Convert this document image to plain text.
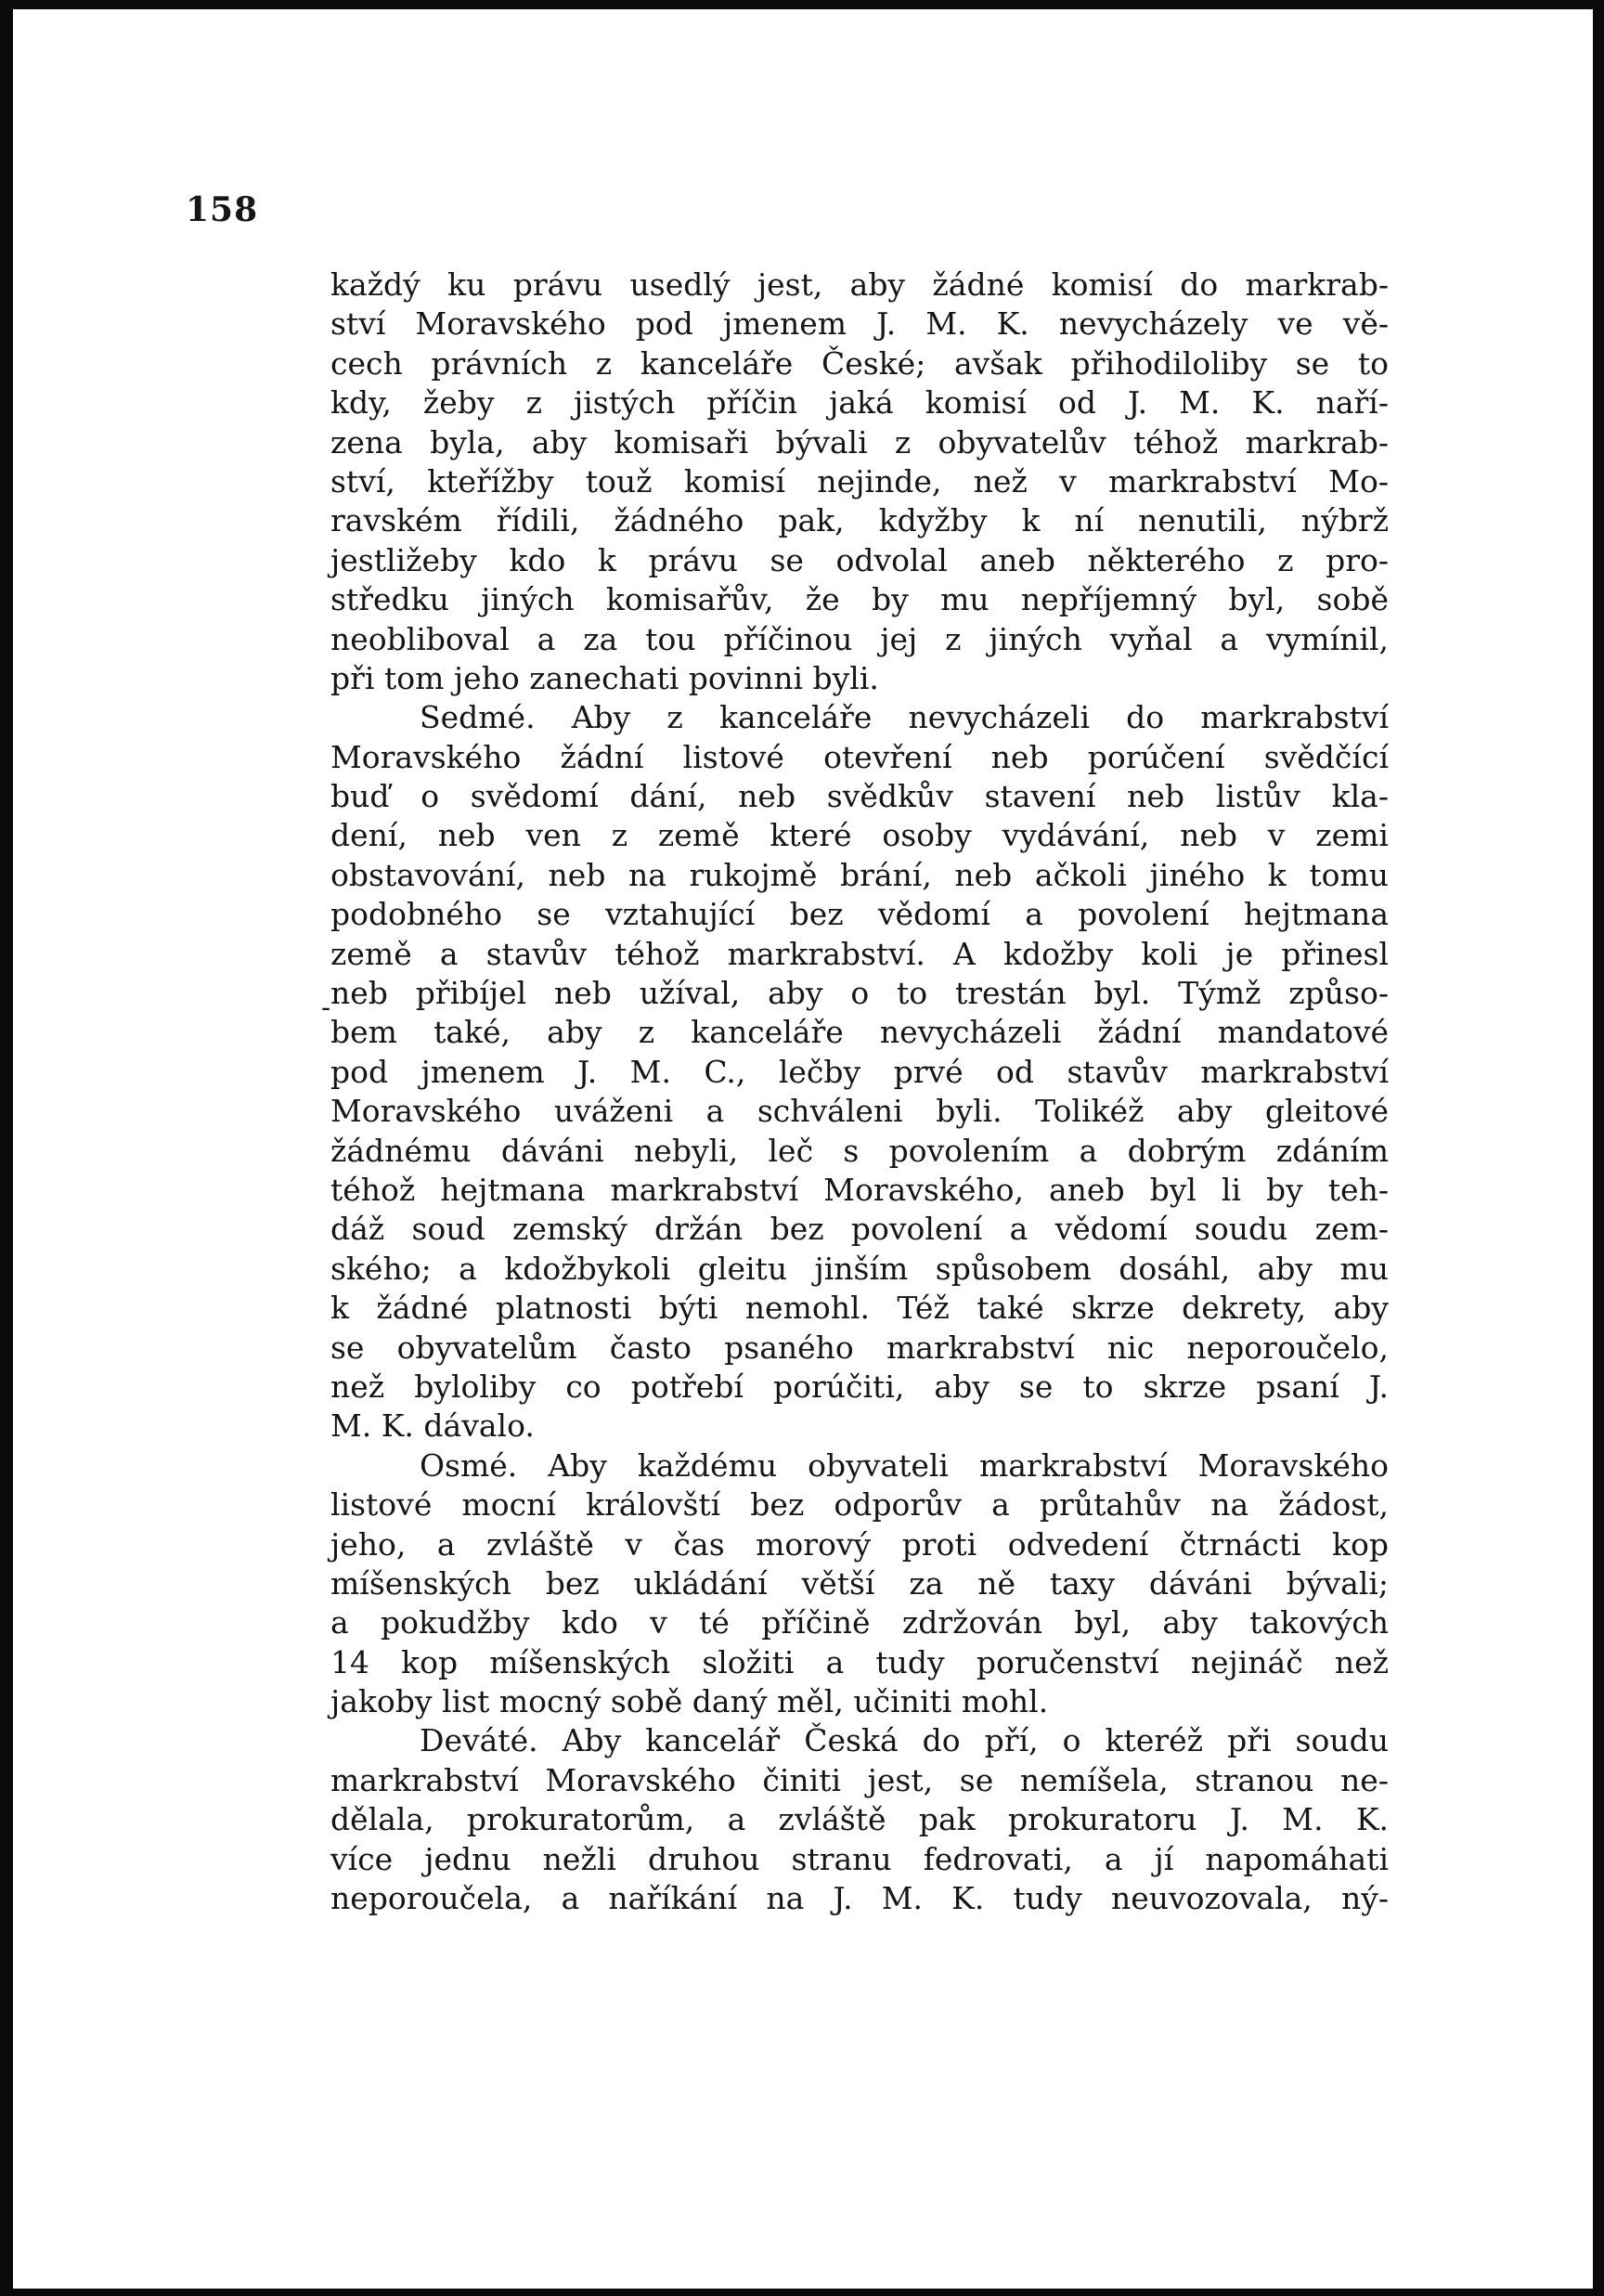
158
-
každý ku právu usedlý jest, aby žádné komisí do markrab-
ství Moravského pod jmenem J. M. K. nevycházely ve vě-
cech právních z kanceláře České; avšak přihodiloliby se to
kdy, žeby z jistých příčin jaká komisí od J. M. K. naří-
zena byla, aby komisaři bývali z obyvatelův téhož markrab-
ství, kteřížby touž komisí nejinde, než v markrabství Mo-
ravském řídili, žádného pak, kdyžby k ní nenutili, nýbrž
jestližeby kdo k právu se odvolal aneb některého z pro-
středku jiných komisařův, že by mu nepříjemný byl, sobě
neobliboval a za tou příčinou jej z jiných vyňal a vymínil,
při tom jeho zanechati povinni byli.
Sedmé. Aby z kanceláře nevycházeli do markrabství
Moravského žádní listové otevření neb porúčení svědčící
buď o svědomí dání, neb svědkův stavení neb listův kla-
dení, neb ven z země které osoby vydávání, neb v zemi
obstavování, neb na rukojmě brání, neb ačkoli jiného k tomu
podobného se vztahující bez vědomí a povolení hejtmana
země a stavův téhož markrabství. A kdožby koli je přinesl
neb přibíjel neb užíval, aby o to trestán byl. Týmž způso-
bem také, aby z kanceláře nevycházeli žádní mandatové
pod jmenem J. M. C., lečby prvé od stavův markrabství
Moravského uváženi a schváleni byli. Tolikéž aby gleitové
žádnému dáváni nebyli, leč s povolením a dobrým zdáním
téhož hejtmana markrabství Moravského, aneb byl li by teh-
dáž soud zemský držán bez povolení a vědomí soudu zem-
ského; a kdožbykoli gleitu jinším spůsobem dosáhl, aby mu
k žádné platnosti býti nemohl. Též také skrze dekrety, aby
se obyvatelům často psaného markrabství nic neporoučelo,
než byloliby co potřebí porúčiti, aby se to skrze psaní J.
M. K. dávalo.
Osmé. Aby každému obyvateli markrabství Moravského
listové mocní královští bez odporův a průtahův na žádost,
jeho, a zvláště v čas morový proti odvedení čtrnácti kop
míšenských bez ukládání větší za ně taxy dáváni bývali;
a pokudžby kdo v té příčině zdržován byl, aby takových
14 kop míšenských složiti a tudy poručenství nejináč než
jakoby list mocný sobě daný měl, učiniti mohl.
Deváté. Aby kancelář Česká do pří, o kteréž při soudu
markrabství Moravského činiti jest, se nemíšela, stranou ne-
dělala, prokuratorům, a zvláště pak prokuratoru J. M. K.
více jednu nežli druhou stranu fedrovati, a jí napomáhati
neporoučela, a naříkání na J. M. K. tudy neuvozovala, ný-
